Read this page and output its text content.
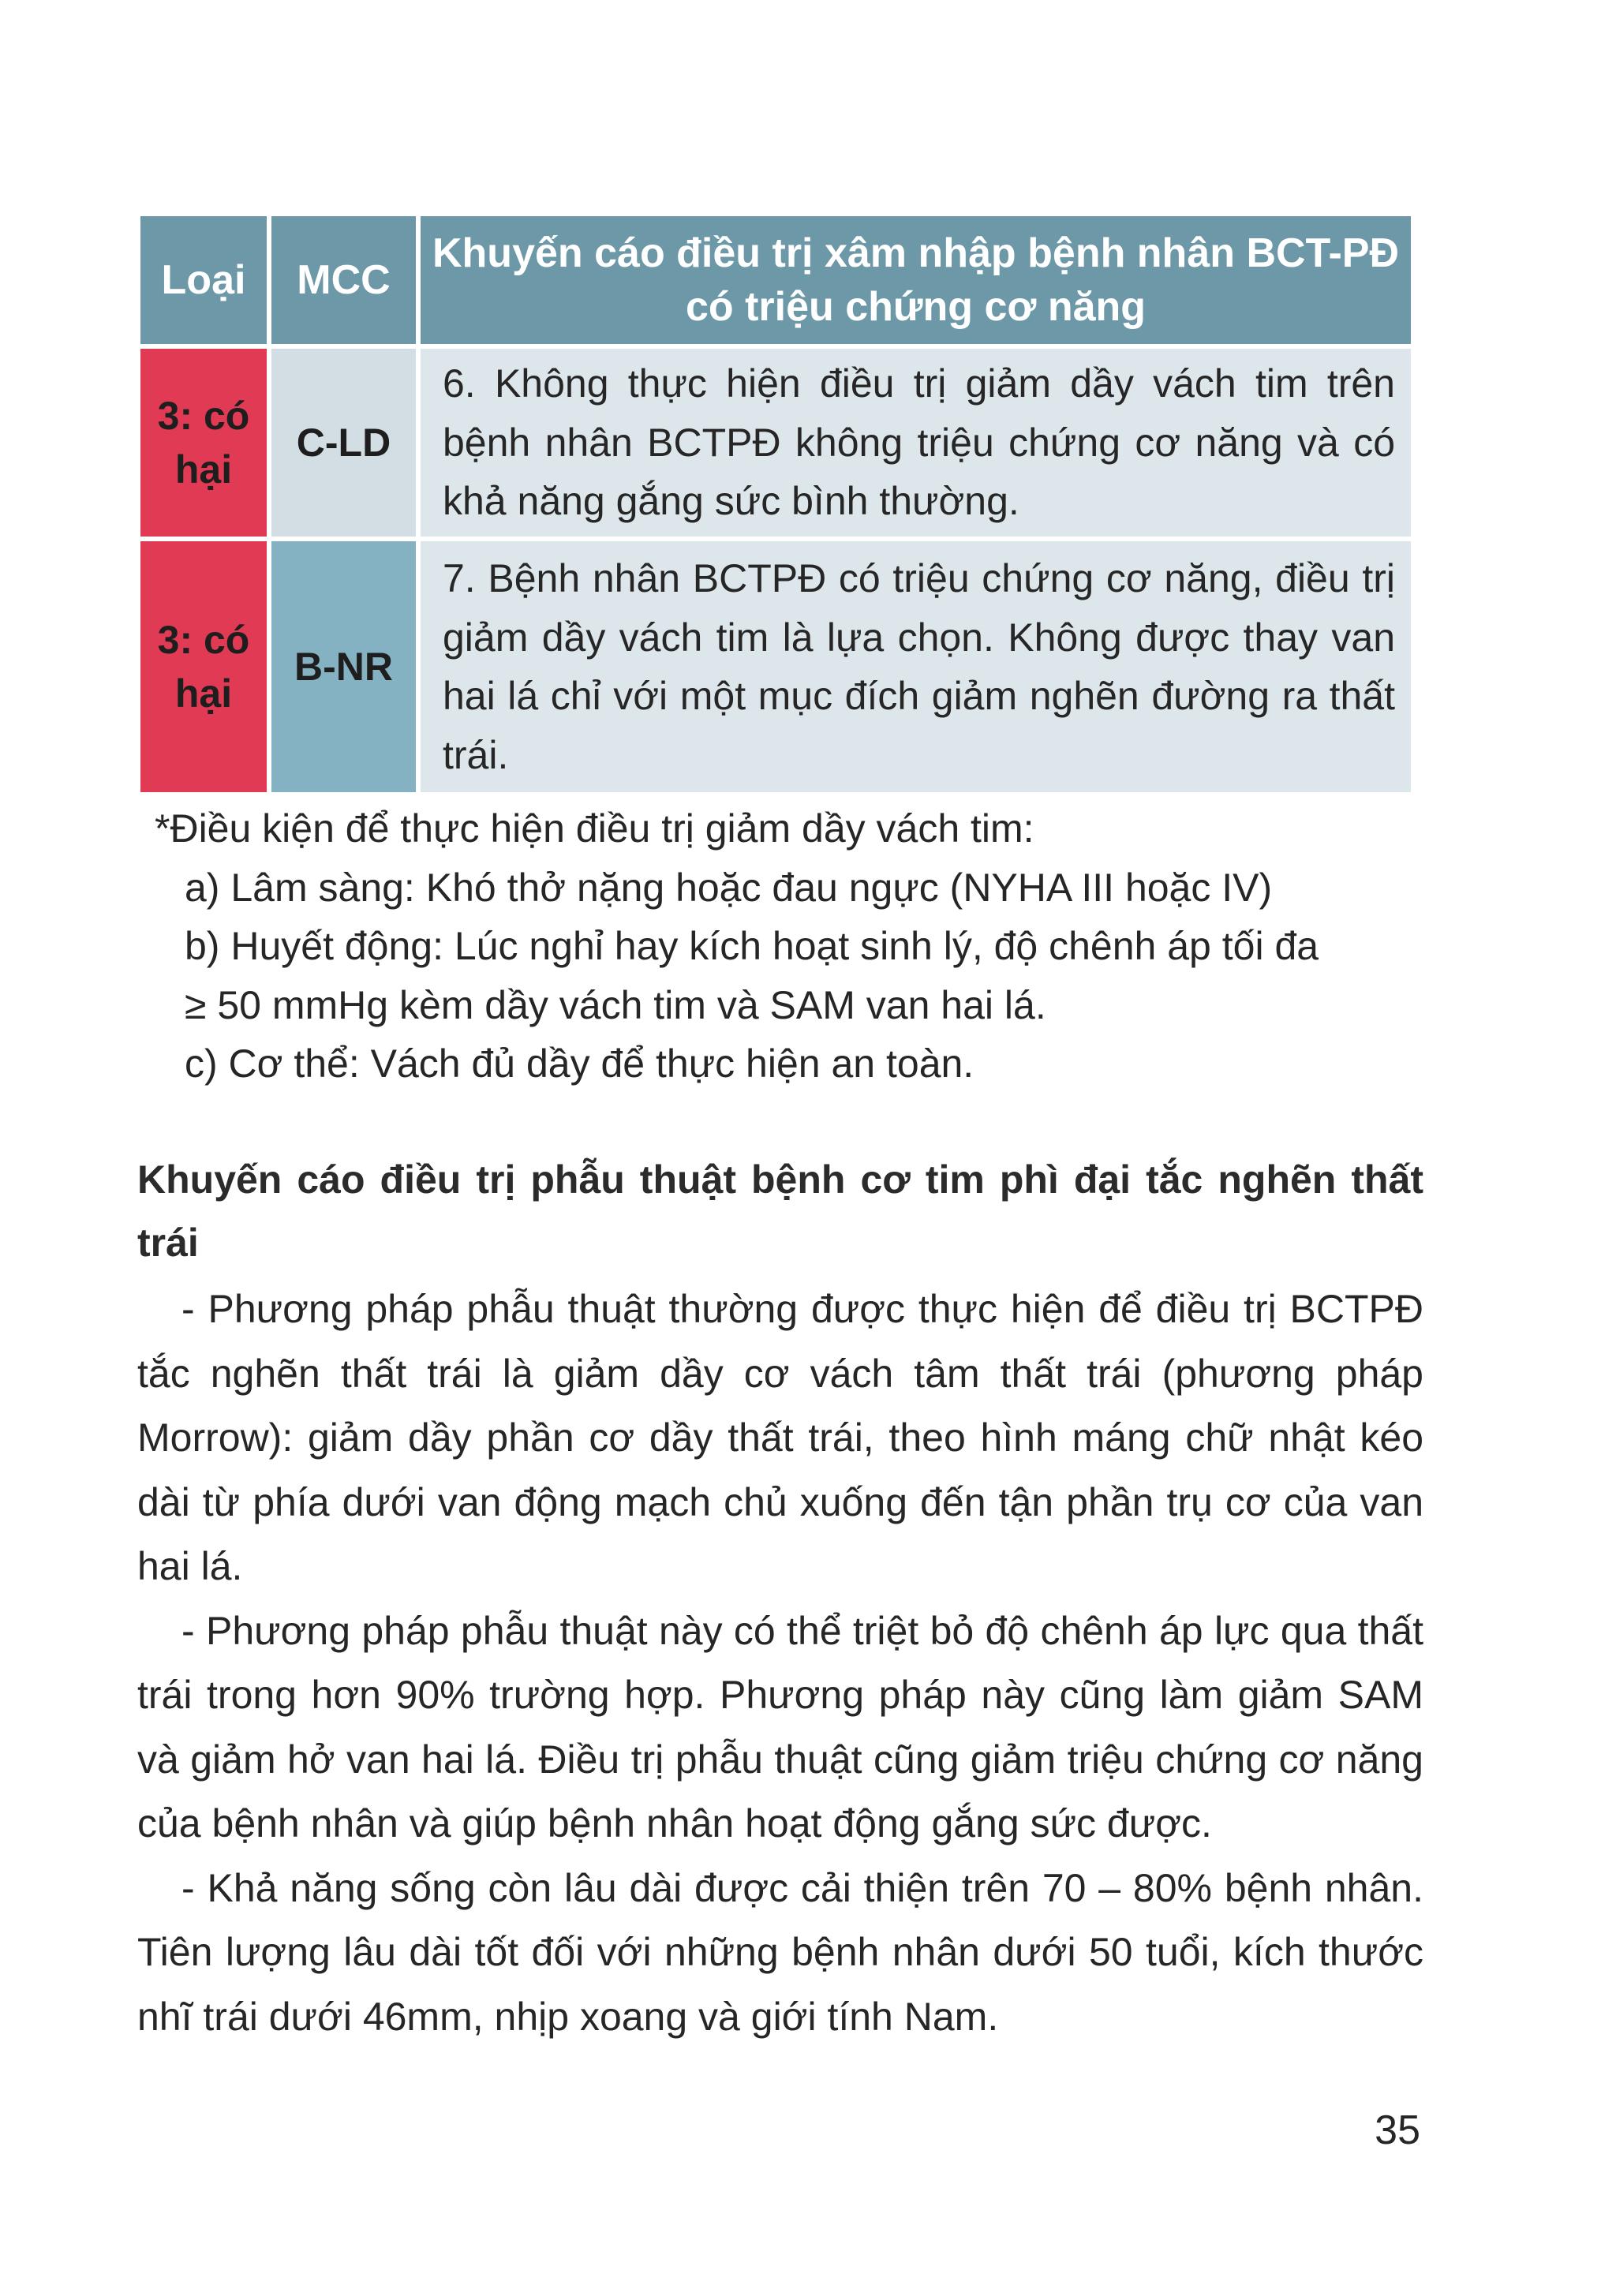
Loại	MCC	Khuyến cáo điều trị xâm nhập bệnh nhân BCT-PĐ có triệu chứng cơ năng
3: có hại	C-LD	6. Không thực hiện điều trị giảm dầy vách tim trên bệnh nhân BCTPĐ không triệu chứng cơ năng và có khả năng gắng sức bình thường.
3: có hại	B-NR	7. Bệnh nhân BCTPĐ có triệu chứng cơ năng, điều trị giảm dầy vách tim là lựa chọn. Không được thay van hai lá chỉ với một mục đích giảm nghẽn đường ra thất trái.
*Điều kiện để thực hiện điều trị giảm dầy vách tim:
a) Lâm sàng: Khó thở nặng hoặc đau ngực (NYHA III hoặc IV)
b) Huyết động: Lúc nghỉ hay kích hoạt sinh lý, độ chênh áp tối đa
≥ 50 mmHg kèm dầy vách tim và SAM van hai lá.
c) Cơ thể: Vách đủ dầy để thực hiện an toàn.
Khuyến cáo điều trị phẫu thuật bệnh cơ tim phì đại tắc nghẽn thất trái

- Phương pháp phẫu thuật thường được thực hiện để điều trị BCTPĐ tắc nghẽn thất trái là giảm dầy cơ vách tâm thất trái (phương pháp Morrow): giảm dầy phần cơ dầy thất trái, theo hình máng chữ nhật kéo dài từ phía dưới van động mạch chủ xuống đến tận phần trụ cơ của van hai lá.

- Phương pháp phẫu thuật này có thể triệt bỏ độ chênh áp lực qua thất trái trong hơn 90% trường hợp. Phương pháp này cũng làm giảm SAM và giảm hở van hai lá. Điều trị phẫu thuật cũng giảm triệu chứng cơ năng của bệnh nhân và giúp bệnh nhân hoạt động gắng sức được.

- Khả năng sống còn lâu dài được cải thiện trên 70 – 80% bệnh nhân. Tiên lượng lâu dài tốt đối với những bệnh nhân dưới 50 tuổi, kích thước nhĩ trái dưới 46mm, nhịp xoang và giới tính Nam.

35
